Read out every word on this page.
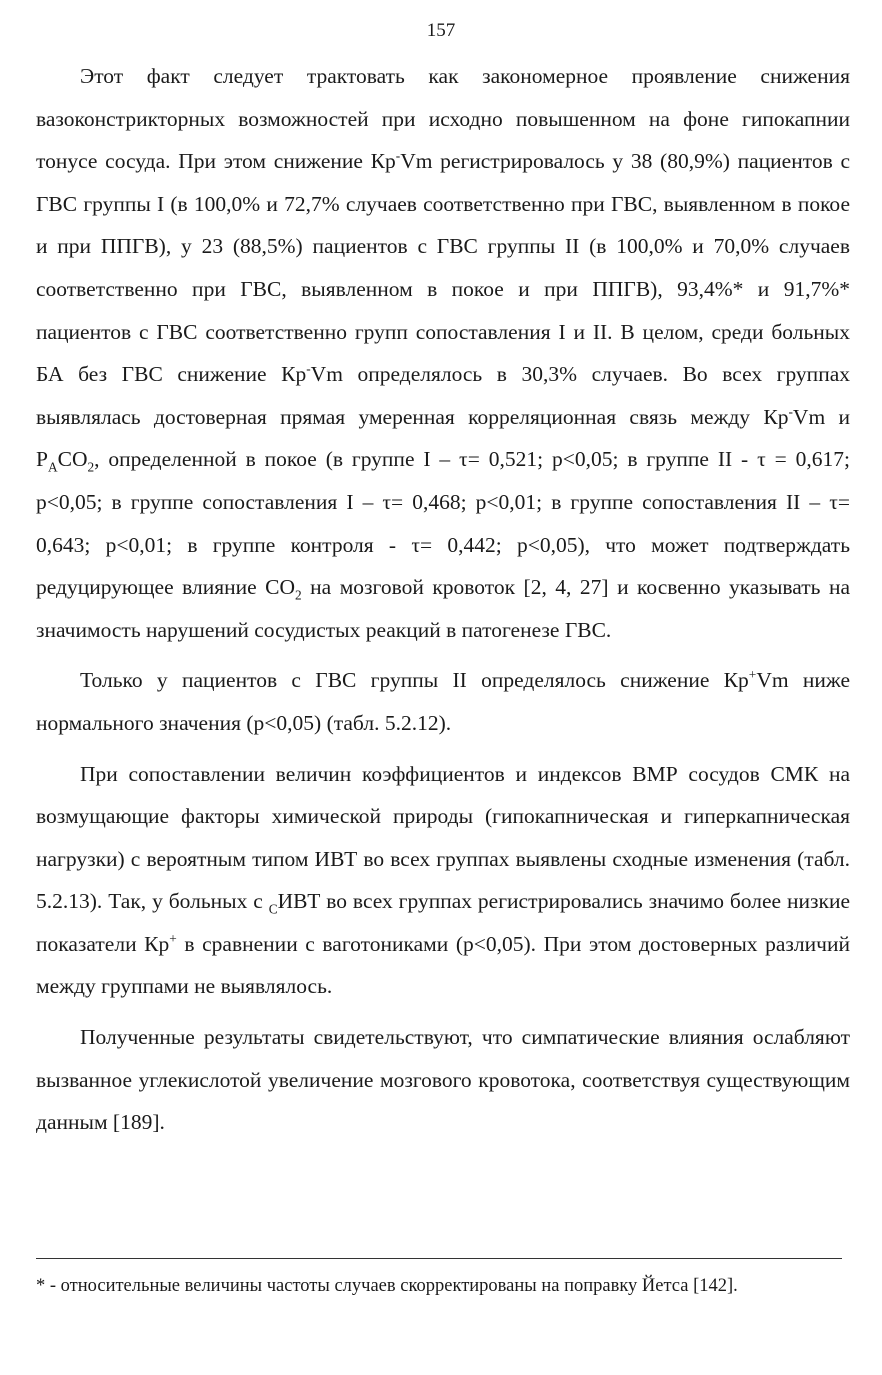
157

Этот факт следует трактовать как закономерное проявление снижения вазоконстрикторных возможностей при исходно повышенном на фоне гипокапнии тонусе сосуда. При этом снижение Кр-Vm регистрировалось у 38 (80,9%) пациентов с ГВС группы I (в 100,0% и 72,7% случаев соответственно при ГВС, выявленном в покое и при ППГВ), у 23 (88,5%) пациентов с ГВС группы II (в 100,0% и 70,0% случаев соответственно при ГВС, выявленном в покое и при ППГВ), 93,4%* и 91,7%* пациентов с ГВС соответственно групп сопоставления I и II. В целом, среди больных БА без ГВС снижение Кр-Vm определялось в 30,3% случаев. Во всех группах выявлялась достоверная прямая умеренная корреляционная связь между Кр-Vm и $P_ACO_2$, определенной в покое (в группе I – τ= 0,521; р<0,05; в группе II - τ = 0,617; р<0,05; в группе сопоставления I – τ= 0,468; р<0,01; в группе сопоставления II – τ= 0,643; р<0,01; в группе контроля - τ= 0,442; р<0,05), что может подтверждать редуцирующее влияние $CO_2$ на мозговой кровоток [2, 4, 27] и косвенно указывать на значимость нарушений сосудистых реакций в патогенезе ГВС.

Только у пациентов с ГВС группы II определялось снижение Кр+Vm ниже нормального значения (р<0,05) (табл. 5.2.12).

При сопоставлении величин коэффициентов и индексов ВМР сосудов СМК на возмущающие факторы химической природы (гипокапническая и гиперкапническая нагрузки) с вероятным типом ИВТ во всех группах выявлены сходные изменения (табл. 5.2.13). Так, у больных с $_С$ИВТ во всех группах регистрировались значимо более низкие показатели Кр+ в сравнении с ваготониками (р<0,05). При этом достоверных различий между группами не выявлялось.

Полученные результаты свидетельствуют, что симпатические влияния ослабляют вызванное углекислотой увеличение мозгового кровотока, соответствуя существующим данным [189].

* - относительные величины частоты случаев скорректированы на поправку Йетса [142].
